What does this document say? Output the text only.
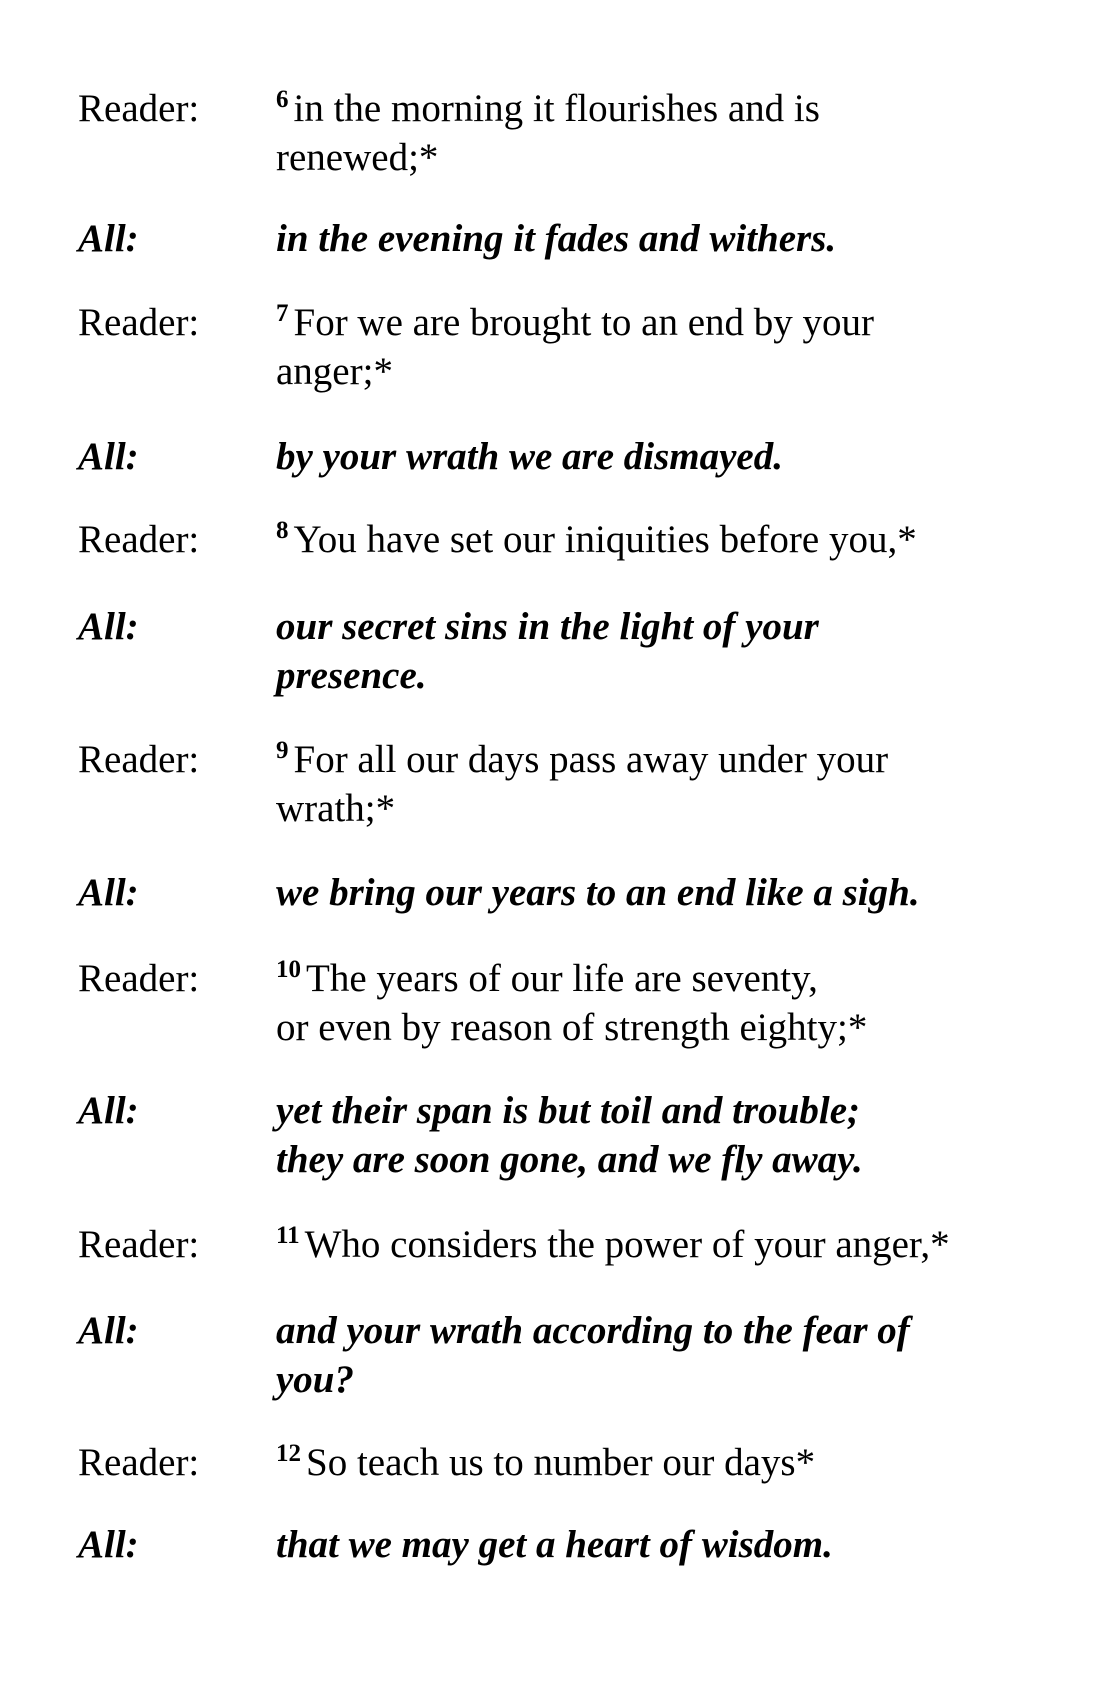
Reader:	$^6$ in the morning it flourishes and is
renewed;*
All:	in the evening it fades and withers.
Reader:	$^7$ For we are brought to an end by your
anger;*
All:	by your wrath we are dismayed.
Reader:	$^8$ You have set our iniquities before you,*
All:	our secret sins in the light of your
presence.
Reader:	$^9$ For all our days pass away under your
wrath;*
All:	we bring our years to an end like a sigh.
Reader:	$^{10}$ The years of our life are seventy,
or even by reason of strength eighty;*
All:	yet their span is but toil and trouble;
they are soon gone, and we fly away.
Reader:	$^{11}$ Who considers the power of your anger,*
All:	and your wrath according to the fear of
you?
Reader:	$^{12}$ So teach us to number our days*
All:	that we may get a heart of wisdom.
